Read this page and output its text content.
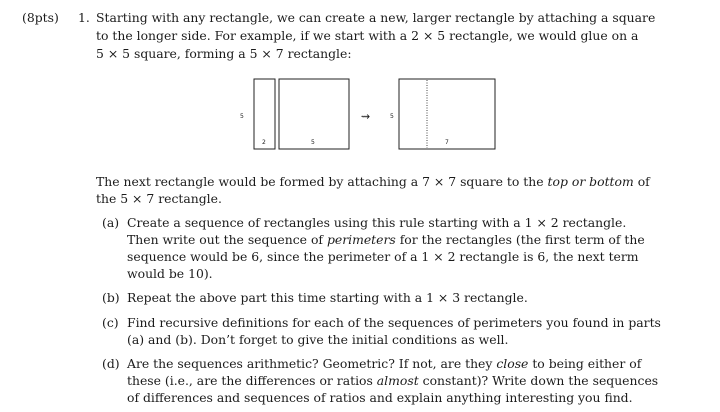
(8pts) 1. Starting with any rectangle, we can create a new, larger rectangle by attaching a square
to the longer side. For example, if we start with a 2 × 5 rectangle, we would glue on a
5 × 5 square, forming a 5 × 7 rectangle:
5
2	5
⇝	5
7
The next rectangle would be formed by attaching a 7 × 7 square to the top or bottom of
the 5 × 7 rectangle.
(a) Create a sequence of rectangles using this rule starting with a 1 × 2 rectangle.
Then write out the sequence of perimeters for the rectangles (the first term of the
sequence would be 6, since the perimeter of a 1 × 2 rectangle is 6, the next term
would be 10).
(b) Repeat the above part this time starting with a 1 × 3 rectangle.
(c) Find recursive definitions for each of the sequences of perimeters you found in parts
(a) and (b). Don’t forget to give the initial conditions as well.
(d) Are the sequences arithmetic? Geometric? If not, are they close to being either of
these (i.e., are the differences or ratios almost constant)? Write down the sequences
of differences and sequences of ratios and explain anything interesting you find.
